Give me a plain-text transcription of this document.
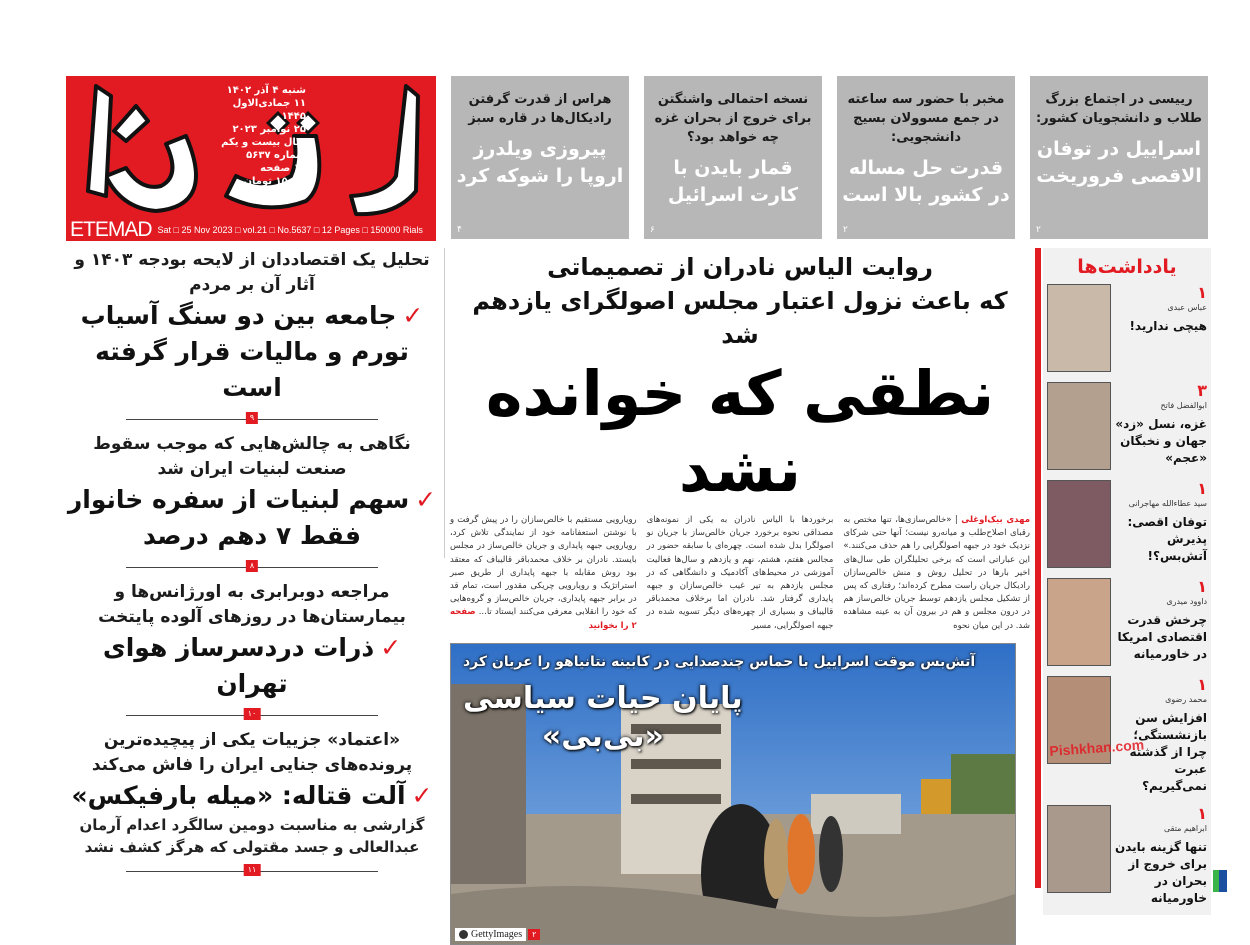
شنبه ۴ آذر ۱۴۰۲
۱۱ جمادی‌الاول ۱۴۴۵
۲۵ نوامبر ۲۰۲۳
سال بیست و یکم
شماره ۵۶۳۷
۱۲ صفحه
۱۵۰۰۰ تومان
ETEMAD Sat □ 25 Nov 2023 □ vol.21 □ No.5637 □ 12 Pages □ 150000 Rials
ریيسی در اجتماع بزرگ طلاب و دانشجویان کشور:
اسراییل در توفان الاقصی فروریخت
۲
مخبر با حضور سه ساعته در جمع مسوولان بسیج دانشجویی:
قدرت حل مساله در کشور بالا است
۲
نسخه احتمالی واشنگتن برای خروج از بحران غزه چه خواهد بود؟
قمار بایدن با کارت اسرائیل
۶
هراس از قدرت گرفتن رادیکال‌ها در قاره سبز
پیروزی ویلدرز اروپا را شوکه کرد
۴
تحلیل یک اقتصاددان از لایحه بودجه ۱۴۰۳ و آثار آن بر مردم
✓جامعه بین دو سنگ آسیاب تورم و مالیات قرار گرفته است
۹
نگاهی به چالش‌هایی که موجب سقوط صنعت لبنیات ایران شد
✓سهم لبنیات از سفره خانوار فقط ۷ دهم درصد
۸
مراجعه دوبرابری به اورژانس‌ها و بیمارستان‌ها در روزهای آلوده پایتخت
✓ذرات دردسرساز هوای تهران
۱۰
«اعتماد» جزییات یکی از پیچیده‌ترین پرونده‌های جنایی ایران را فاش می‌کند
✓آلت قتاله: «میله بارفیکس»
گزارشی به مناسبت دومین سالگرد اعدام آرمان عبدالعالی و جسد مقتولی که هرگز کشف نشد
۱۱
روایت الیاس نادران از تصمیماتی
که باعث نزول اعتبار مجلس اصولگرای یازدهم شد
نطقی که خوانده نشد
مهدی بیک‌اوغلی | «خالص‌سازی‌ها، تنها مختص به رقبای اصلاح‌طلب و میانه‌رو نیست؛ آنها حتی شرکای نزدیک خود در جبهه اصولگرایی را هم حذف می‌کنند.» این عباراتی است که برخی تحلیلگران طی سال‌های اخیر بارها در تحلیل روش و منش خالص‌سازان رادیکال جریان راست مطرح کرده‌اند؛ رفتاری که پس از تشکیل مجلس یازدهم توسط جریان خالص‌ساز هم در درون مجلس و هم در بیرون آن به عینه مشاهده شد. در این میان نحوه
برخوردها با الیاس نادران به یکی از نمونه‌های مصداقی نحوه برخورد جریان خالص‌ساز با جریان نو اصولگرا بدل شده است. چهره‌ای با سابقه حضور در مجالس هفتم، هشتم، نهم و یازدهم و سال‌ها فعالیت آموزشی در محیط‌های آکادمیک و دانشگاهی که در مجلس یازدهم به تیر غیب خالص‌سازان و جبهه پایداری گرفتار شد. نادران اما برخلاف محمدباقر قالیباف و بسیاری از چهره‌های دیگر تسویه شده در جبهه اصولگرایی، مسیر
رویارویی مستقیم با خالص‌سازان را در پیش گرفت و با نوشتن استعفانامه خود از نمایندگی تلاش کرد، رویارویی جبهه پایداری و جریان خالص‌ساز در مجلس بایستد. نادران بر خلاف محمدباقر قالیباف که معتقد بود روش مقابله با جبهه پایداری از طریق صبر استراتژیک و رویارویی چریکی مقدور است، تمام قد در برابر جبهه پایداری، جریان خالص‌ساز و گروه‌هایی که خود را انقلابی معرفی می‌کنند ایستاد تا... صفحه ۲ را بخوانید
آتش‌بس موقت اسراییل با حماس چندصدایی در کابینه نتانیاهو را عریان کرد
پایان حیات سیاسی
«بی‌بی»
GettyImages	۲
یادداشت‌ها
۱
عباس عبدی
هیچی ندارید!
۳
ابوالفضل فاتح
غزه، نسل «زد» جهان و نخبگان «عجم»
۱
سید عطاءالله مهاجرانی
توفان اقصی: پذیرش آتش‌بس؟!
۱
داوود میدری
چرخش قدرت اقتصادی امریکا در خاورمیانه
۱
محمد رضوی
افزایش سن بازنشستگی؛ چرا از گذشته عبرت نمی‌گیریم؟
Pishkhan.com
۱
ابراهیم متقی
تنها گزینه بایدن برای خروج از بحران در خاورمیانه
